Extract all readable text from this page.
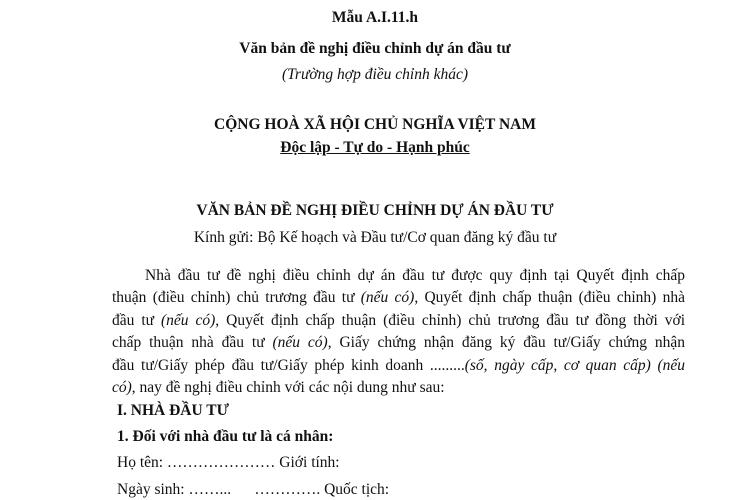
Mẫu A.I.11.h
Văn bản đề nghị điều chỉnh dự án đầu tư
(Trường hợp điều chỉnh khác)
CỘNG HOÀ XÃ HỘI CHỦ NGHĨA VIỆT NAM
Độc lập - Tự do - Hạnh phúc
VĂN BẢN ĐỀ NGHỊ ĐIỀU CHỈNH DỰ ÁN ĐẦU TƯ
Kính gửi: Bộ Kế hoạch và Đầu tư/Cơ quan đăng ký đầu tư
Nhà đầu tư đề nghị điều chỉnh dự án đầu tư được quy định tại Quyết định chấp
thuận (điều chỉnh) chủ trương đầu tư (nếu có), Quyết định chấp thuận (điều chỉnh) nhà
đầu tư (nếu có), Quyết định chấp thuận (điều chỉnh) chủ trương đầu tư đồng thời với
chấp thuận nhà đầu tư (nếu có), Giấy chứng nhận đăng ký đầu tư/Giấy chứng nhận
đầu tư/Giấy phép đầu tư/Giấy phép kinh doanh .........(số, ngày cấp, cơ quan cấp) (nếu
có), nay đề nghị điều chỉnh với các nội dung như sau:
I. NHÀ ĐẦU TƯ
1. Đối với nhà đầu tư là cá nhân:
Họ tên: ………………… Giới tính:
Ngày sinh: ……...      …………. Quốc tịch:
